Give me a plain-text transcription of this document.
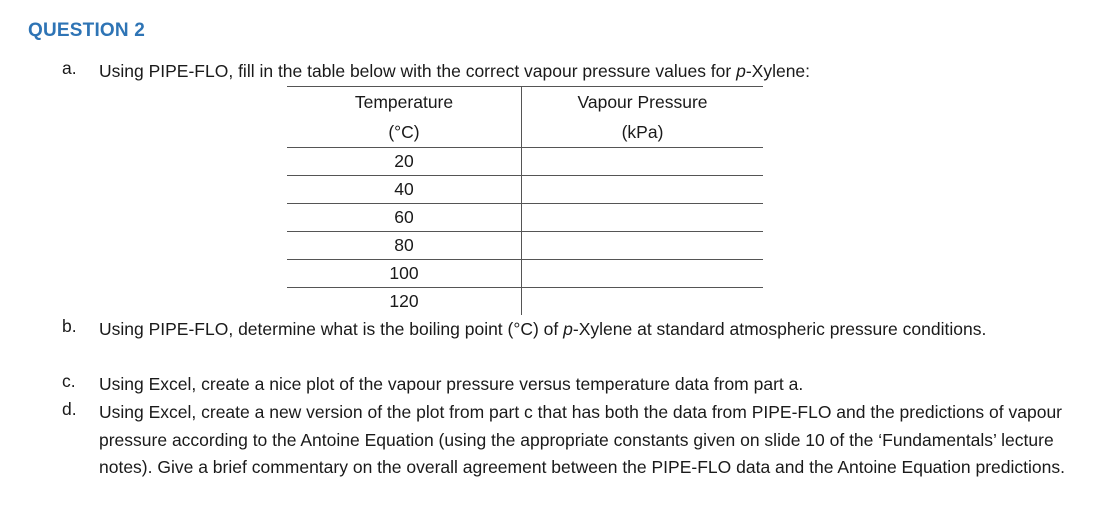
QUESTION 2
a. Using PIPE-FLO, fill in the table below with the correct vapour pressure values for p-Xylene:
Temperature	Vapour Pressure
(°C)	(kPa)
20	
40	
60	
80	
100	
120	
b. Using PIPE-FLO, determine what is the boiling point (°C) of p-Xylene at standard atmospheric pressure conditions.
c. Using Excel, create a nice plot of the vapour pressure versus temperature data from part a.
d. Using Excel, create a new version of the plot from part c that has both the data from PIPE-FLO and the predictions of vapour pressure according to the Antoine Equation (using the appropriate constants given on slide 10 of the ‘Fundamentals’ lecture notes). Give a brief commentary on the overall agreement between the PIPE-FLO data and the Antoine Equation predictions.
